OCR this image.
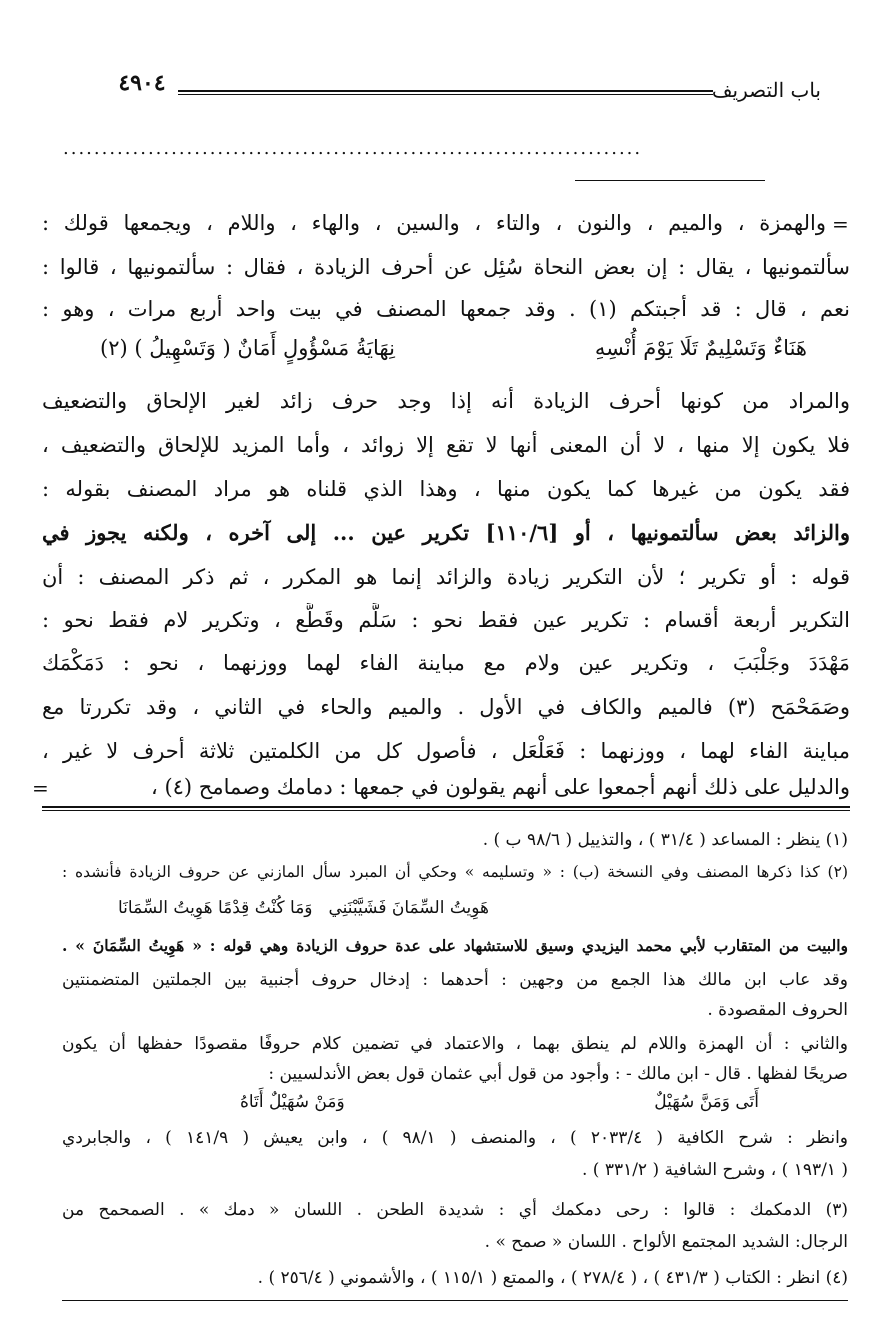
٤٩٠٤	باب التصريف
...........................................................................
=
والهمزة ، والميم ، والنون ، والتاء ، والسين ، والهاء ، واللام ، ويجمعها قولك :
سألتمونيها ، يقال : إن بعض النحاة سُئِل عن أحرف الزيادة ، فقال : سألتمونيها ، قالوا :
نعم ، قال : قد أجبتكم (١) . وقد جمعها المصنف في بيت واحد أربع مرات ، وهو :
هَنَاءٌ وَتَسْلِيمٌ تَلَا يَوْمَ أُنْسِهِ
نِهَايَةُ مَسْؤُولٍ أَمَانٌ ( وَتَسْهِيلُ ) (٢)
والمراد من كونها أحرف الزيادة أنه إذا وجد حرف زائد لغير الإلحاق والتضعيف
فلا يكون إلا منها ، لا أن المعنى أنها لا تقع إلا زوائد ، وأما المزيد للإلحاق والتضعيف ،
فقد يكون من غيرها كما يكون منها ، وهذا الذي قلناه هو مراد المصنف بقوله :
والزائد بعض سألتمونيها ، أو [١١٠/٦] تكرير عين ... إلى آخره ، ولكنه يجوز في
قوله : أو تكرير ؛ لأن التكرير زيادة والزائد إنما هو المكرر ، ثم ذكر المصنف : أن
التكرير أربعة أقسام : تكرير عين فقط نحو : سَلَّم وقَطَّع ، وتكرير لام فقط نحو :
مَهْدَدَ وجَلْبَبَ ، وتكرير عين ولام مع مباينة الفاء لهما ووزنهما ، نحو : دَمَكْمَك
وصَمَحْمَح (٣) فالميم والكاف في الأول . والميم والحاء في الثاني ، وقد تكررتا مع
مباينة الفاء لهما ، ووزنهما : فَعَلْعَل ، فأصول كل من الكلمتين ثلاثة أحرف لا غير ،
والدليل على ذلك أنهم أجمعوا على أنهم يقولون في جمعها : دمامك وصمامح (٤) ،
=
(١) ينظر : المساعد ( ٣١/٤ ) ، والتذييل ( ٩٨/٦ ب ) .
(٢) كذا ذكرها المصنف وفي النسخة (ب) : « وتسليمه » وحكي أن المبرد سأل المازني عن حروف الزيادة فأنشده :
هَوِيتُ السِّمَانَ فَشَيَّبْنَنِي
وَمَا كُنْتُ قِدْمًا هَوِيتُ السِّمَانَا
والبيت من المتقارب لأبي محمد اليزيدي وسيق للاستشهاد على عدة حروف الزيادة وهي قوله : « هَوِيتُ السِّمَانَ » .
وقد عاب ابن مالك هذا الجمع من وجهين : أحدهما : إدخال حروف أجنبية بين الجملتين المتضمنتين
الحروف المقصودة .
والثاني : أن الهمزة واللام لم ينطق بهما ، والاعتماد في تضمين كلام حروفًا مقصودًا حفظها أن يكون
صريحًا لفظها . قال - ابن مالك - : وأجود من قول أبي عثمان قول بعض الأندلسيين :
أَتَى وَمَنَّ سُهَيْلٌ
وَمَنْ سُهَيْلٌ أَتَاهُ
وانظر : شرح الكافية ( ٢٠٣٣/٤ ) ، والمنصف ( ٩٨/١ ) ، وابن يعيش ( ١٤١/٩ ) ، والجابردي
( ١٩٣/١ ) ، وشرح الشافية ( ٣٣١/٢ ) .
(٣) الدمكمك : قالوا : رحى دمكمك أي : شديدة الطحن . اللسان « دمك » . الصمحمح من
الرجال: الشديد المجتمع الألواح . اللسان « صمح » .
(٤) انظر : الكتاب ( ٤٣١/٣ ) ، ( ٢٧٨/٤ ) ، والممتع ( ١١٥/١ ) ، والأشموني ( ٢٥٦/٤ ) .
